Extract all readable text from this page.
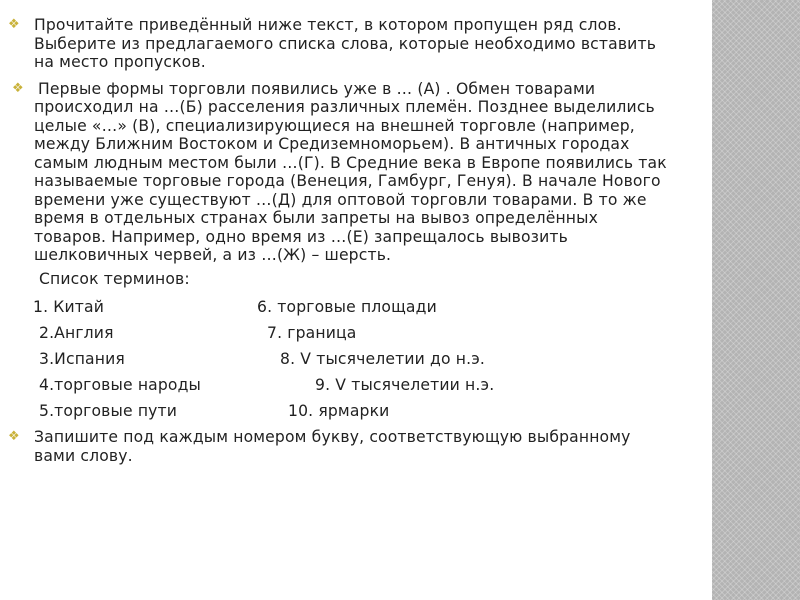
❖ Прочитайте приведённый ниже текст, в котором пропущен ряд слов. Выберите из предлагаемого списка слова, которые необходимо вставить на место пропусков.

❖ Первые формы торговли появились уже в … (А) . Обмен товарами происходил на …(Б) расселения различных племён. Позднее выделились целые «…» (В), специализирующиеся на внешней торговле (например, между Ближним Востоком и Средиземноморьем). В античных городах самым людным местом были …(Г). В Средние века в Европе появились так называемые торговые города (Венеция, Гамбург, Генуя). В начале Нового времени уже существуют …(Д) для оптовой торговли товарами. В то же время в отдельных странах были запреты на вывоз определённых товаров. Например, одно время из …(Е) запрещалось вывозить шелковичных червей, а из …(Ж) – шерсть.

Список терминов:

1. Китай	6. торговые площади
2.Англия	7. граница
3.Испания	8. V тысячелетии до н.э.
4.торговые народы	9. V тысячелетии н.э.
5.торговые пути	10. ярмарки

❖ Запишите под каждым номером букву, соответствующую выбранному вами слову.
